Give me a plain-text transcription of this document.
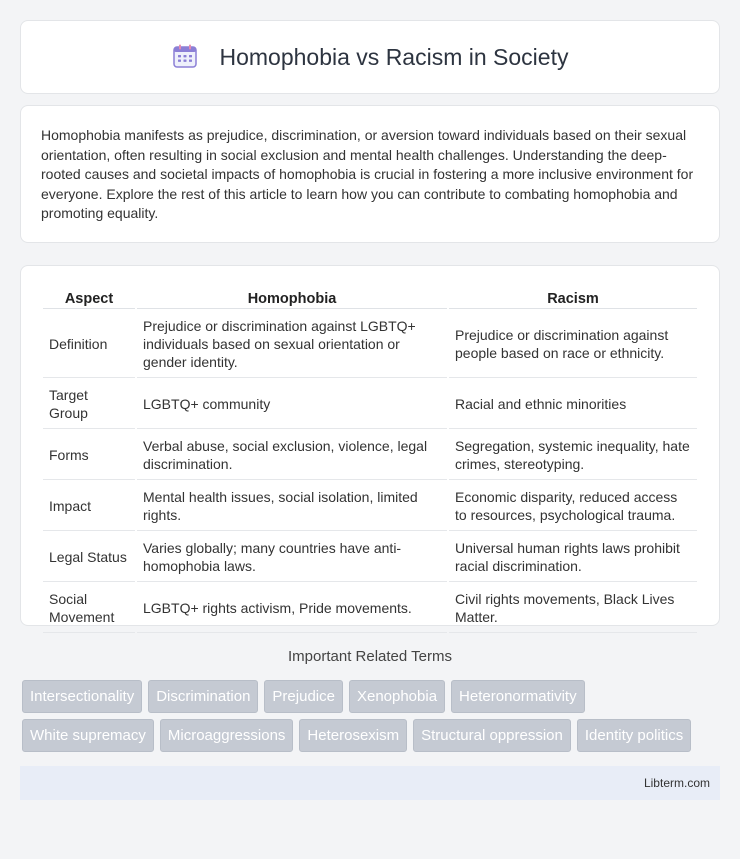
Homophobia vs Racism in Society

Homophobia manifests as prejudice, discrimination, or aversion toward individuals based on their sexual orientation, often resulting in social exclusion and mental health challenges. Understanding the deep-rooted causes and societal impacts of homophobia is crucial in fostering a more inclusive environment for everyone. Explore the rest of this article to learn how you can contribute to combating homophobia and promoting equality.

Aspect	Homophobia	Racism
Definition	Prejudice or discrimination against LGBTQ+ individuals based on sexual orientation or gender identity.	Prejudice or discrimination against people based on race or ethnicity.
Target Group	LGBTQ+ community	Racial and ethnic minorities
Forms	Verbal abuse, social exclusion, violence, legal discrimination.	Segregation, systemic inequality, hate crimes, stereotyping.
Impact	Mental health issues, social isolation, limited rights.	Economic disparity, reduced access to resources, psychological trauma.
Legal Status	Varies globally; many countries have anti-homophobia laws.	Universal human rights laws prohibit racial discrimination.
Social Movement	LGBTQ+ rights activism, Pride movements.	Civil rights movements, Black Lives Matter.
Important Related Terms
Intersectionality	Discrimination	Prejudice	Xenophobia	Heteronormativity
White supremacy	Microaggressions	Heterosexism	Structural oppression	Identity politics
Libterm.com
